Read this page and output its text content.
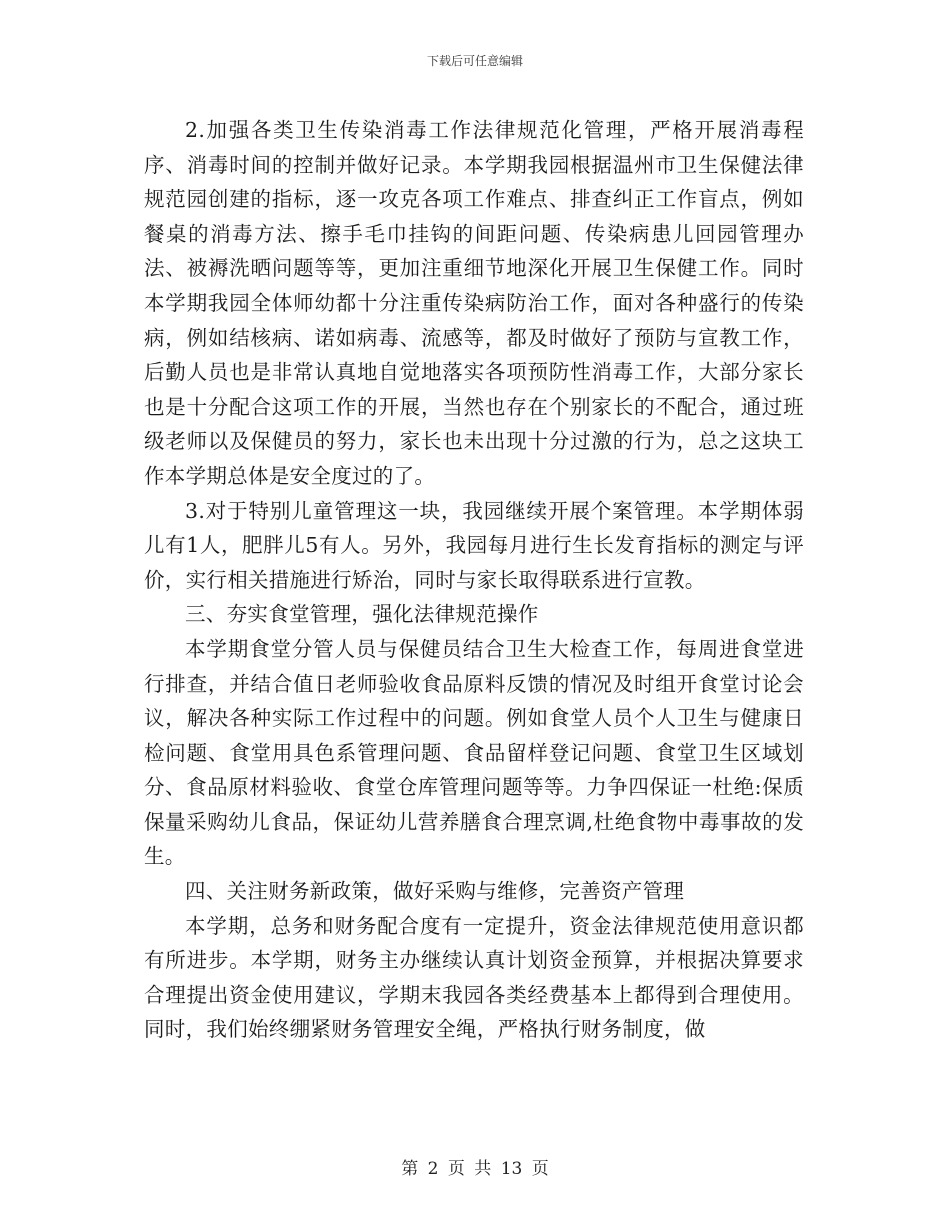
下载后可任意编辑

2.加强各类卫生传染消毒工作法律规范化管理，严格开展消毒程序、消毒时间的控制并做好记录。本学期我园根据温州市卫生保健法律规范园创建的指标，逐一攻克各项工作难点、排查纠正工作盲点，例如餐桌的消毒方法、擦手毛巾挂钩的间距问题、传染病患儿回园管理办法、被褥洗晒问题等等，更加注重细节地深化开展卫生保健工作。同时本学期我园全体师幼都十分注重传染病防治工作，面对各种盛行的传染病，例如结核病、诺如病毒、流感等，都及时做好了预防与宣教工作，后勤人员也是非常认真地自觉地落实各项预防性消毒工作，大部分家长也是十分配合这项工作的开展，当然也存在个别家长的不配合，通过班级老师以及保健员的努力，家长也未出现十分过激的行为，总之这块工作本学期总体是安全度过的了。

3.对于特别儿童管理这一块，我园继续开展个案管理。本学期体弱儿有1人，肥胖儿5有人。另外，我园每月进行生长发育指标的测定与评价，实行相关措施进行矫治，同时与家长取得联系进行宣教。

三、夯实食堂管理，强化法律规范操作

本学期食堂分管人员与保健员结合卫生大检查工作，每周进食堂进行排查，并结合值日老师验收食品原料反馈的情况及时组开食堂讨论会议，解决各种实际工作过程中的问题。例如食堂人员个人卫生与健康日检问题、食堂用具色系管理问题、食品留样登记问题、食堂卫生区域划分、食品原材料验收、食堂仓库管理问题等等。力争四保证一杜绝:保质保量采购幼儿食品，保证幼儿营养膳食合理烹调,杜绝食物中毒事故的发生。

四、关注财务新政策，做好采购与维修，完善资产管理

本学期，总务和财务配合度有一定提升，资金法律规范使用意识都有所进步。本学期，财务主办继续认真计划资金预算，并根据决算要求合理提出资金使用建议，学期末我园各类经费基本上都得到合理使用。同时，我们始终绷紧财务管理安全绳，严格执行财务制度，做

第 2 页 共 13 页
